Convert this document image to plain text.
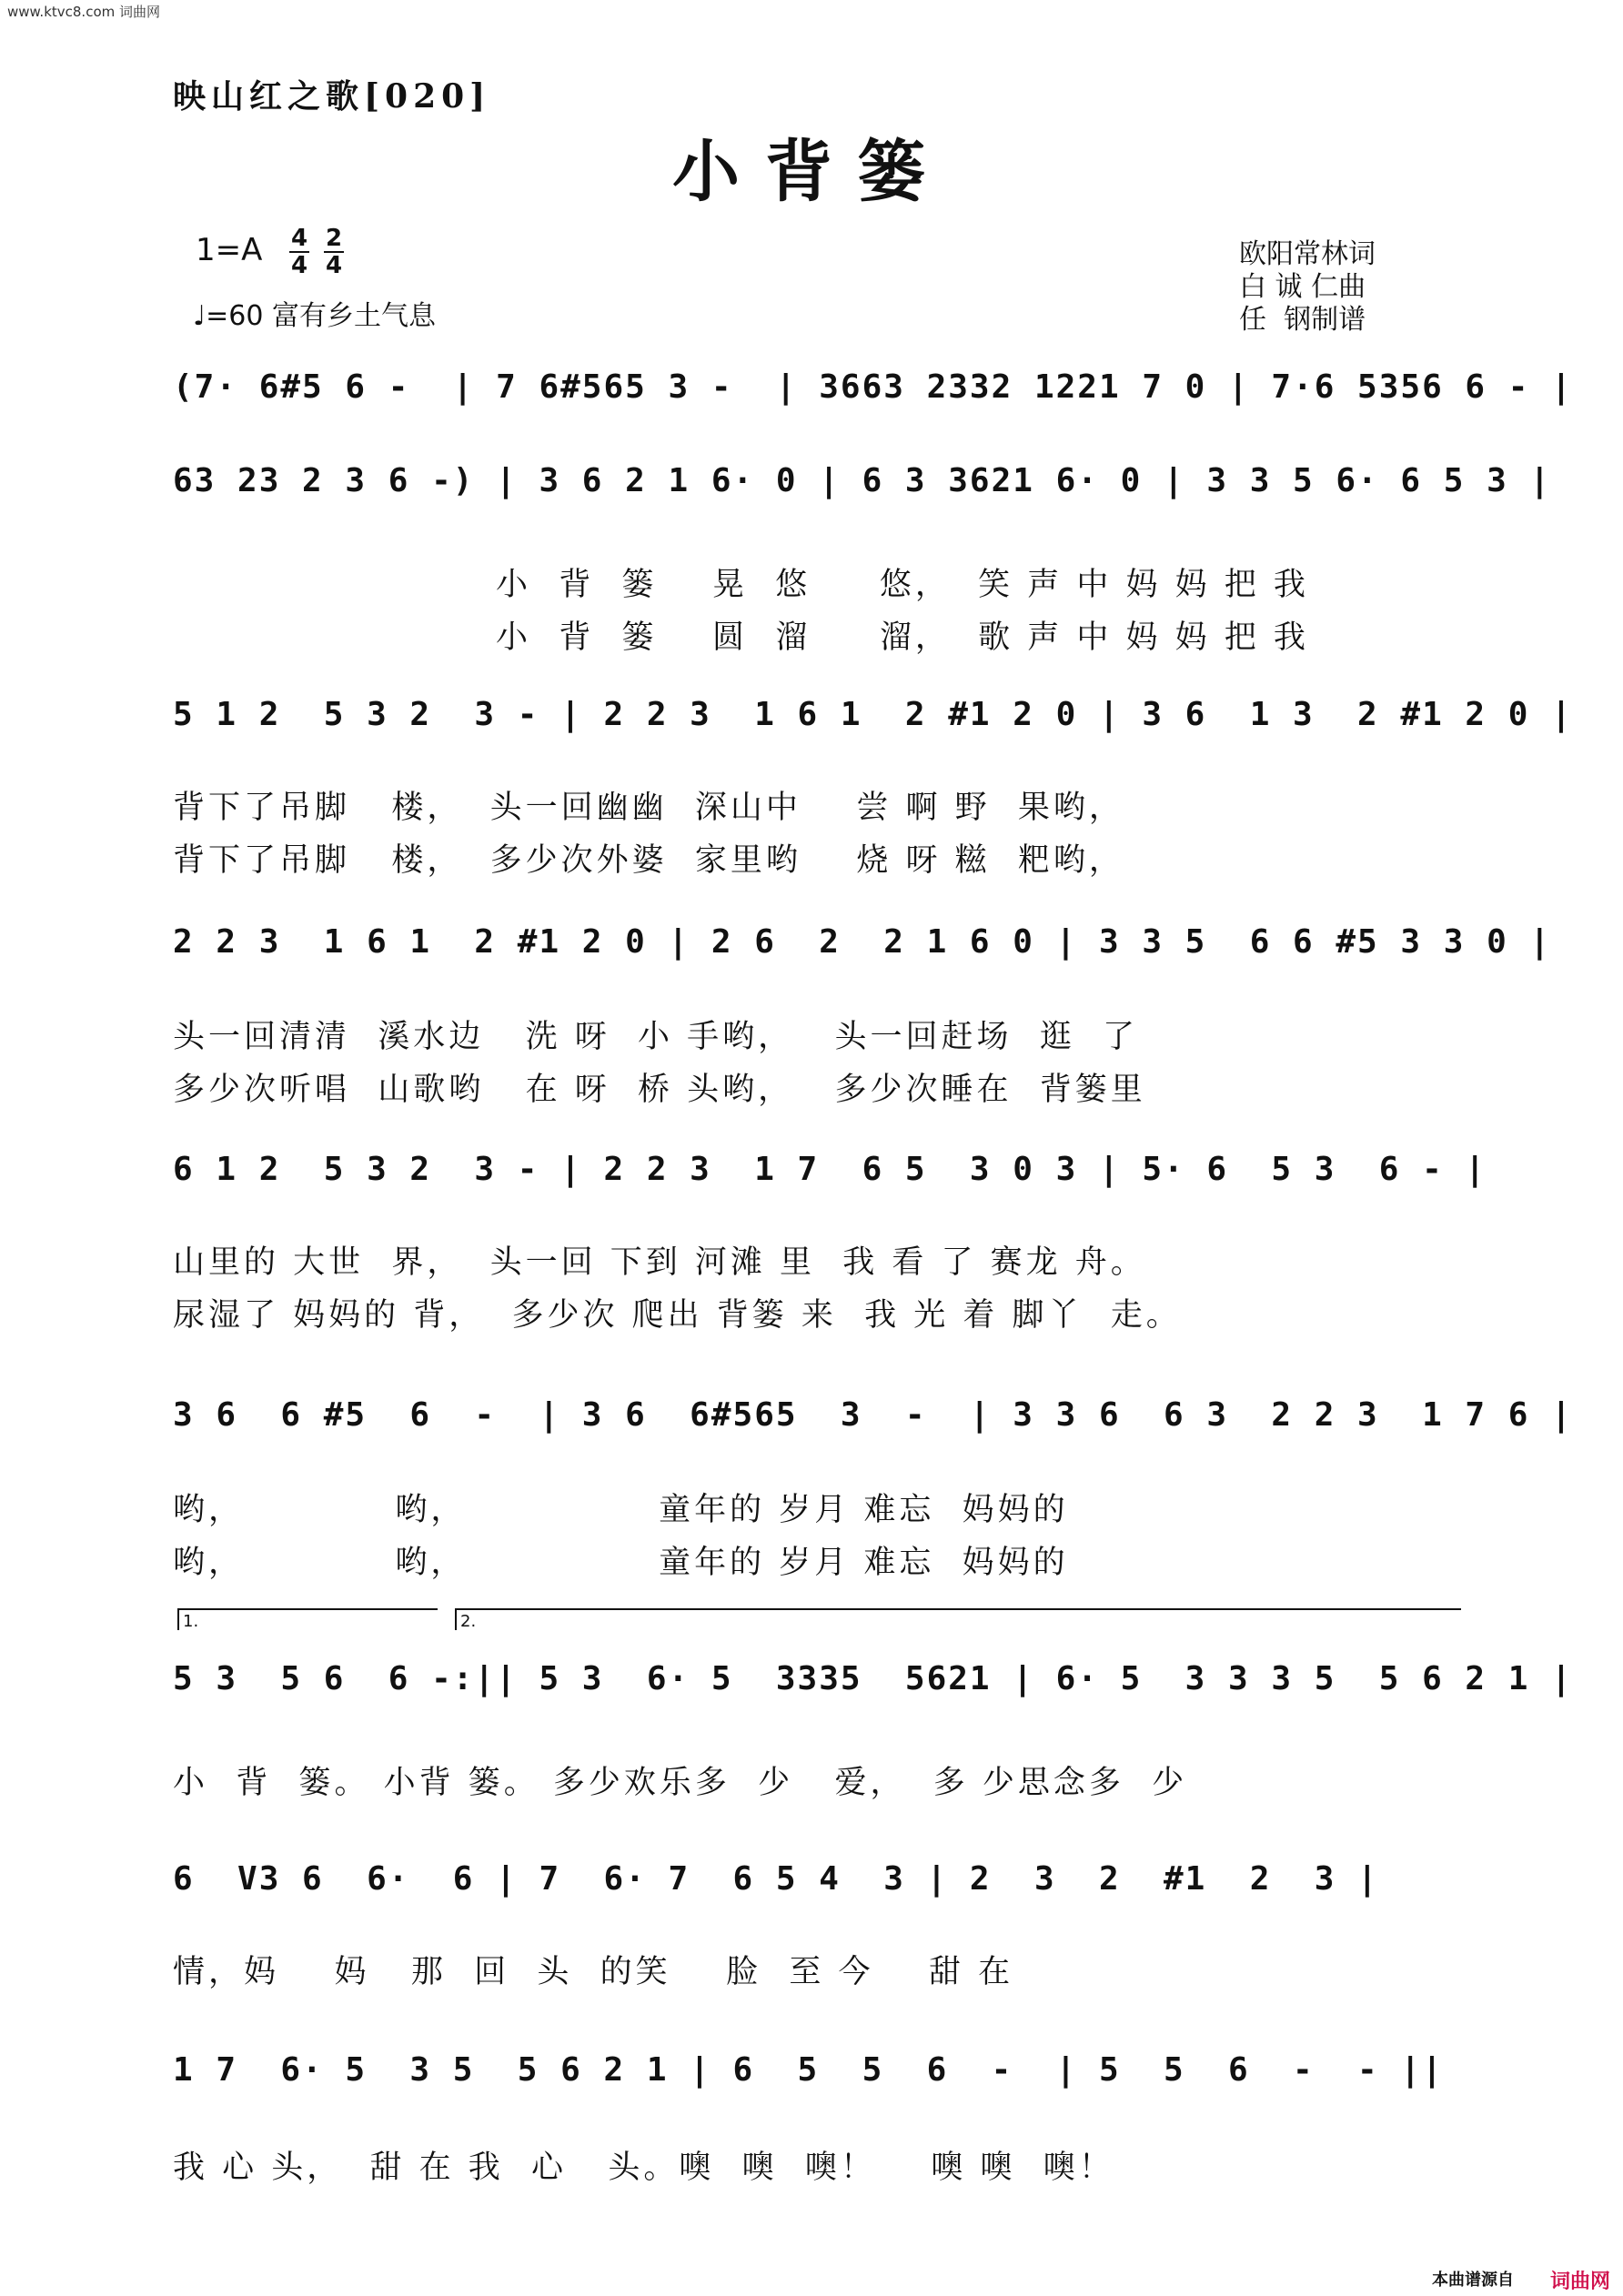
www.ktvc8.com 词曲网
映山红之歌[020]
小背篓
1=A 4
4
2
4
♩=60 富有乡土气息
欧阳常林词
白 诚 仁曲
任  钢制谱
(7· 6#5 6 -  | 7 6#565 3 -  | 3663 2332 1221 7 0 | 7·6 5356 6 - |
63 23 2 3 6 -) | 3 6 2 1 6· 0 | 6 3 3621 6· 0 | 3 3 5 6· 6 5 3 |
小  背  篓    晃  悠     悠，  笑 声 中 妈 妈 把 我
小  背  篓    圆  溜     溜，  歌 声 中 妈 妈 把 我
5 1 2  5 3 2  3 - | 2 2 3  1 6 1  2 #1 2 0 | 3 6  1 3  2 #1 2 0 |
背下了吊脚   楼，  头一回幽幽  深山中    尝 啊 野  果哟，
背下了吊脚   楼，  多少次外婆  家里哟    烧 呀 糍  粑哟，
2 2 3  1 6 1  2 #1 2 0 | 2 6  2  2 1 6 0 | 3 3 5  6 6 #5 3 3 0 |
头一回清清  溪水边   洗 呀  小 手哟，   头一回赶场  逛  了
多少次听唱  山歌哟   在 呀  桥 头哟，   多少次睡在  背篓里
6 1 2  5 3 2  3 - | 2 2 3  1 7  6 5  3 0 3 | 5· 6  5 3  6 - |
山里的 大世  界，  头一回 下到 河滩 里  我 看 了 赛龙 舟。
尿湿了 妈妈的 背，  多少次 爬出 背篓 来  我 光 着 脚丫  走。
3 6  6 #5  6  -  | 3 6  6#565  3  -  | 3 3 6  6 3  2 2 3  1 7 6 |
哟，           哟，              童年的 岁月 难忘  妈妈的
哟，           哟，              童年的 岁月 难忘  妈妈的
1.	2.
5 3  5 6  6 -:|| 5 3  6· 5  3335  5621 | 6· 5  3 3 3 5  5 6 2 1 |
小  背  篓。 小背 篓。 多少欢乐多  少   爱，  多 少思念多  少
6  V3 6  6·  6 | 7  6· 7  6 5 4  3 | 2  3  2  #1  2  3 |
情，妈    妈   那  回  头  的笑    脸  至 今    甜 在
1 7  6· 5  3 5  5 6 2 1 | 6  5  5  6  -  | 5  5  6  -  - ||
我 心 头，  甜 在 我  心   头。噢  噢  噢！    噢 噢  噢！
本曲谱源自 词曲网
